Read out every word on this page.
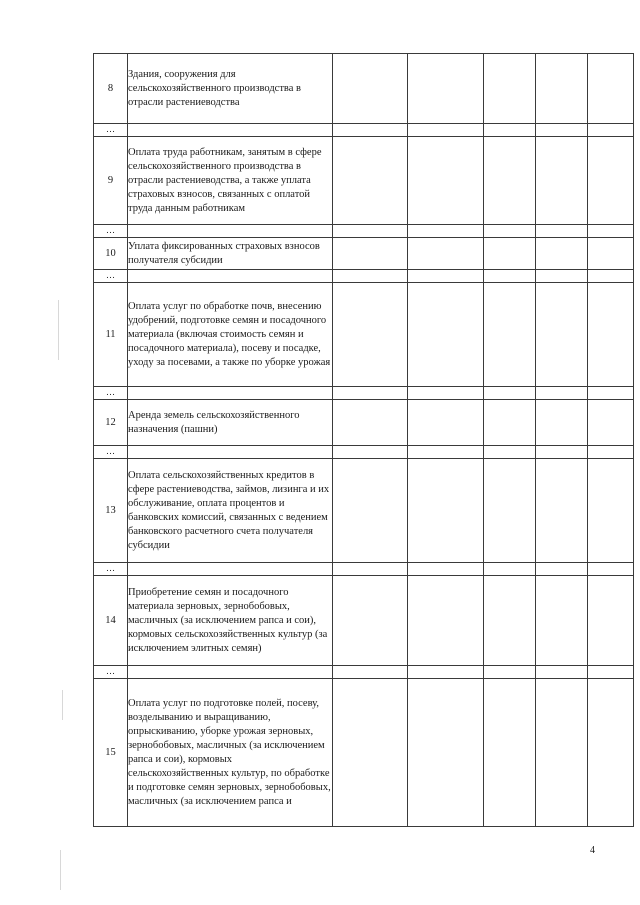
8	Здания, сооружения для сельскохозяйственного производства в отрасли растениеводства					
…						
9	Оплата труда работникам, занятым в сфере сельскохозяйственного производства в отрасли растениеводства, а также уплата страховых взносов, связанных с оплатой труда данным работникам					
…						
10	Уплата фиксированных страховых взносов получателя субсидии					
…						
11	Оплата услуг по обработке почв, внесению удобрений, подготовке семян и посадочного материала (включая стоимость семян и посадочного материала), посеву и посадке, уходу за посевами, а также по уборке урожая					
…						
12	Аренда земель сельскохозяйственного назначения (пашни)					
…						
13	Оплата сельскохозяйственных кредитов в сфере растениеводства, займов, лизинга и их обслуживание, оплата процентов и банковских комиссий, связанных с ведением банковского расчетного счета получателя субсидии					
…						
14	Приобретение семян и посадочного материала зерновых, зернобобовых, масличных (за исключением рапса и сои), кормовых сельскохозяйственных культур (за исключением элитных семян)					
…						
15	Оплата услуг по подготовке полей, посеву, возделыванию и выращиванию, опрыскиванию, уборке урожая зерновых, зернобобовых, масличных (за исключением рапса и сои), кормовых сельскохозяйственных культур, по обработке и подготовке семян зерновых, зернобобовых, масличных (за исключением рапса и					
4
